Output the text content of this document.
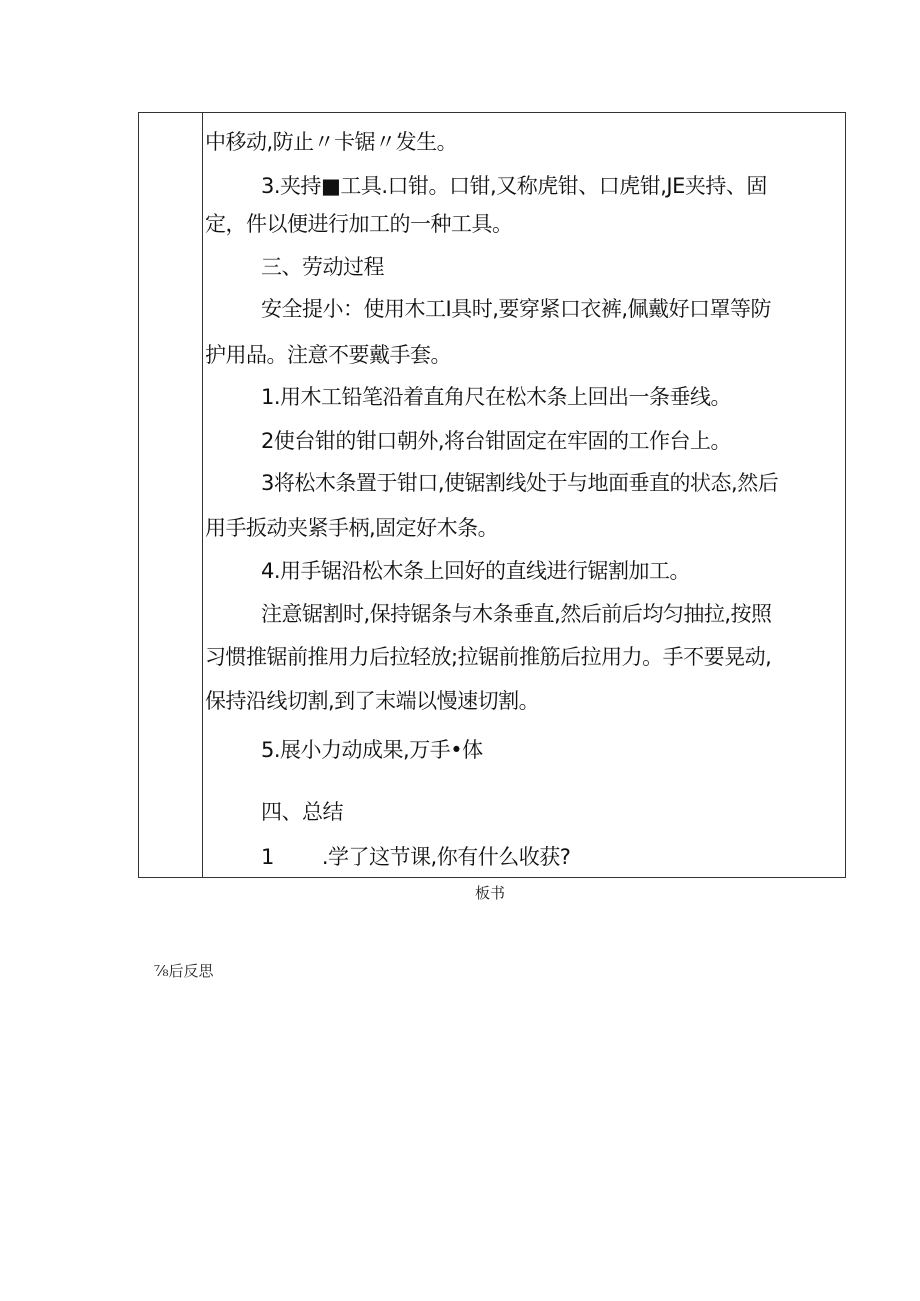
中移动,防止〃卡锯〃发生。
3.夹持■工具.口钳。口钳,又称虎钳、口虎钳,JE夹持、固
定，件以便进行加工的一种工具。
三、劳动过程
安全提小：使用木工I具时,要穿紧口衣裤,佩戴好口罩等防
护用品。注意不要戴手套。
1.用木工铅笔沿着直角尺在松木条上回出一条垂线。
2使台钳的钳口朝外,将台钳固定在牢固的工作台上。
3将松木条置于钳口,使锯割线处于与地面垂直的状态,然后
用手扳动夹紧手柄,固定好木条。
4.用手锯沿松木条上回好的直线进行锯割加工。
注意锯割时,保持锯条与木条垂直,然后前后均匀抽拉,按照
习惯推锯前推用力后拉轻放;拉锯前推筋后拉用力。手不要晃动,
保持沿线切割,到了末端以慢速切割。
5.展小力动成果,万手•体
四、总结
1 .学了这节课,你有什么收获?
板书
⅞后反思
